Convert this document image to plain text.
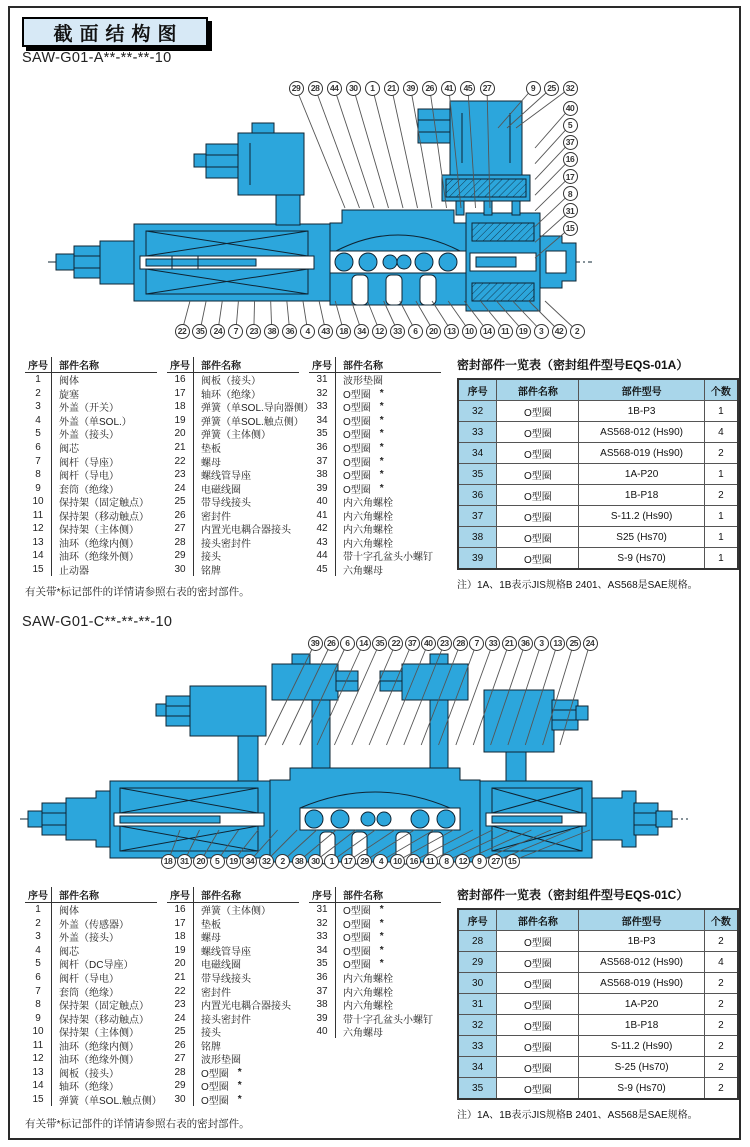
截面结构图
SAW-G01-A**-**-**-10
29	28	44	30	1	21	39	26	41	45	27	9	25	32
40
5
37
16
17
8
31
15
22	35	24	7	23	38	36	4	43	18	34	12	33	6	20	13	10	14	11	19	3	42	2
序号	部件名称
1	阀体
2	旋塞
3	外盖（开关）
4	外盖（单SOL.）
5	外盖（接头）
6	阀芯
7	阀杆（导座）
8	阀杆（导电）
9	套筒（绝缘）
10	保持架（固定触点）
11	保持架（移动触点）
12	保持架（主体侧）
13	油环（绝缘内侧）
14	油环（绝缘外侧）
15	止动器
序号	部件名称
16	阀板（接头）
17	轴环（绝缘）
18	弹簧（单SOL.导向器侧）
19	弹簧（单SOL.触点侧）
20	弹簧（主体侧）
21	垫板
22	螺母
23	螺线管导座
24	电磁线圈
25	带导线接头
26	密封件
27	内置光电耦合器接头
28	接头密封件
29	接头
30	铭牌
序号	部件名称
31	波形垫圈
32	O型圈 *
33	O型圈 *
34	O型圈 *
35	O型圈 *
36	O型圈 *
37	O型圈 *
38	O型圈 *
39	O型圈 *
40	内六角螺栓
41	内六角螺栓
42	内六角螺栓
43	内六角螺栓
44	带十字孔盆头小螺钉
45	六角螺母
密封部件一览表（密封组件型号EQS-01A）
序号	部件名称	部件型号	个数
32	O型圈	1B-P3	1
33	O型圈	AS568-012 (Hs90)	4
34	O型圈	AS568-019 (Hs90)	2
35	O型圈	1A-P20	1
36	O型圈	1B-P18	2
37	O型圈	S-11.2 (Hs90)	1
38	O型圈	S25 (Hs70)	1
39	O型圈	S-9 (Hs70)	1
注）1A、1B表示JIS规格B 2401、AS568是SAE规格。
有关带*标记部件的详情请参照右表的密封部件。
SAW-G01-C**-**-**-10
39 26	6	14 35 22 37 40 23 28	7	33 21 36	3	13 25 24
18 31 20	5	19 34 32	2	38 30	1	17 29	4	10 16 11	8	12	9	27 15
序号	部件名称
1	阀体
2	外盖（传感器）
3	外盖（接头）
4	阀芯
5	阀杆（DC导座）
6	阀杆（导电）
7	套筒（绝缘）
8	保持架（固定触点）
9	保持架（移动触点）
10	保持架（主体侧）
11	油环（绝缘内侧）
12	油环（绝缘外侧）
13	阀板（接头）
14	轴环（绝缘）
15	弹簧（单SOL.触点侧）
序号	部件名称
16	弹簧（主体侧）
17	垫板
18	螺母
19	螺线管导座
20	电磁线圈
21	带导线接头
22	密封件
23	内置光电耦合器接头
24	接头密封件
25	接头
26	铭牌
27	波形垫圈
28	O型圈 *
29	O型圈 *
30	O型圈 *
序号	部件名称
31	O型圈 *
32	O型圈 *
33	O型圈 *
34	O型圈 *
35	O型圈 *
36	内六角螺栓
37	内六角螺栓
38	内六角螺栓
39	带十字孔盆头小螺钉
40	六角螺母
密封部件一览表（密封组件型号EQS-01C）
序号	部件名称	部件型号	个数
28	O型圈	1B-P3	2
29	O型圈	AS568-012 (Hs90)	4
30	O型圈	AS568-019 (Hs90)	2
31	O型圈	1A-P20	2
32	O型圈	1B-P18	2
33	O型圈	S-11.2 (Hs90)	2
34	O型圈	S-25 (Hs70)	2
35	O型圈	S-9 (Hs70)	2
注）1A、1B表示JIS规格B 2401、AS568是SAE规格。
有关带*标记部件的详情请参照右表的密封部件。
